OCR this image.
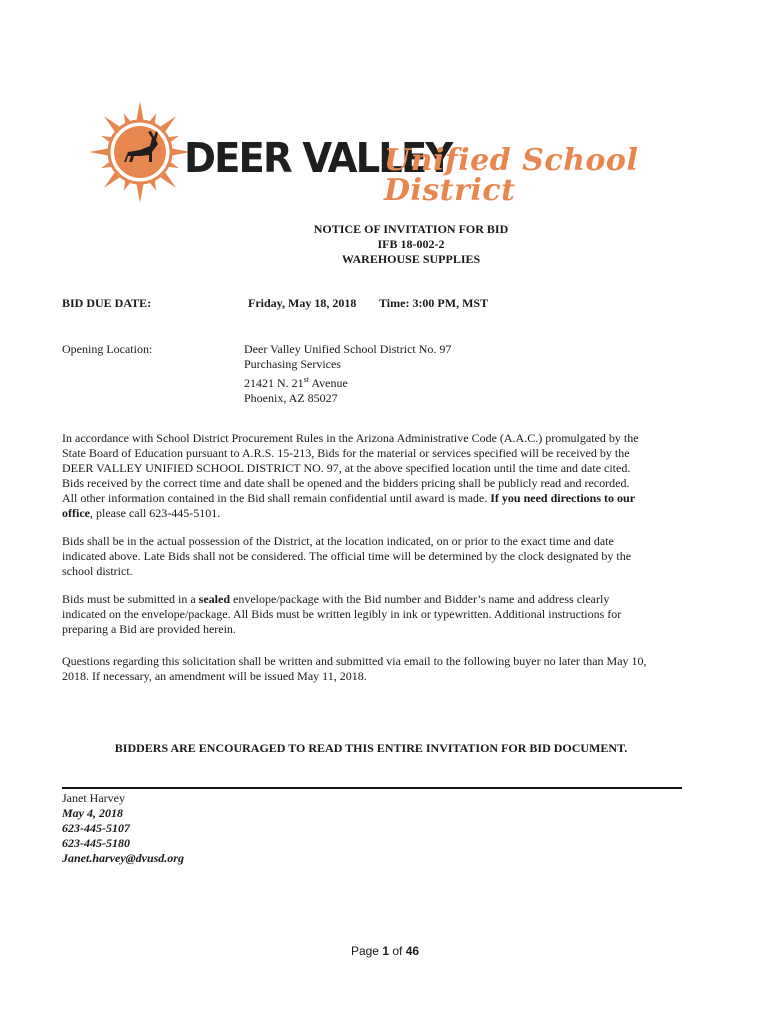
DEER VALLEY
Unified School District
NOTICE OF INVITATION FOR BID
IFB 18-002-2
WAREHOUSE SUPPLIES
BID DUE DATE:	Friday, May 18, 2018 Time: 3:00 PM, MST
Opening Location:	Deer Valley Unified School District No. 97
Purchasing Services
21421 N. 21st Avenue
Phoenix, AZ 85027
In accordance with School District Procurement Rules in the Arizona Administrative Code (A.A.C.) promulgated by the
State Board of Education pursuant to A.R.S. 15-213, Bids for the material or services specified will be received by the
DEER VALLEY UNIFIED SCHOOL DISTRICT NO. 97, at the above specified location until the time and date cited.
Bids received by the correct time and date shall be opened and the bidders pricing shall be publicly read and recorded.
All other information contained in the Bid shall remain confidential until award is made. If you need directions to our
office, please call 623-445-5101.
Bids shall be in the actual possession of the District, at the location indicated, on or prior to the exact time and date
indicated above. Late Bids shall not be considered. The official time will be determined by the clock designated by the
school district.
Bids must be submitted in a sealed envelope/package with the Bid number and Bidder’s name and address clearly
indicated on the envelope/package. All Bids must be written legibly in ink or typewritten. Additional instructions for
preparing a Bid are provided herein.
Questions regarding this solicitation shall be written and submitted via email to the following buyer no later than May 10,
2018. If necessary, an amendment will be issued May 11, 2018.
BIDDERS ARE ENCOURAGED TO READ THIS ENTIRE INVITATION FOR BID DOCUMENT.
Janet Harvey
May 4, 2018
623-445-5107
623-445-5180
Janet.harvey@dvusd.org
Page 1 of 46
